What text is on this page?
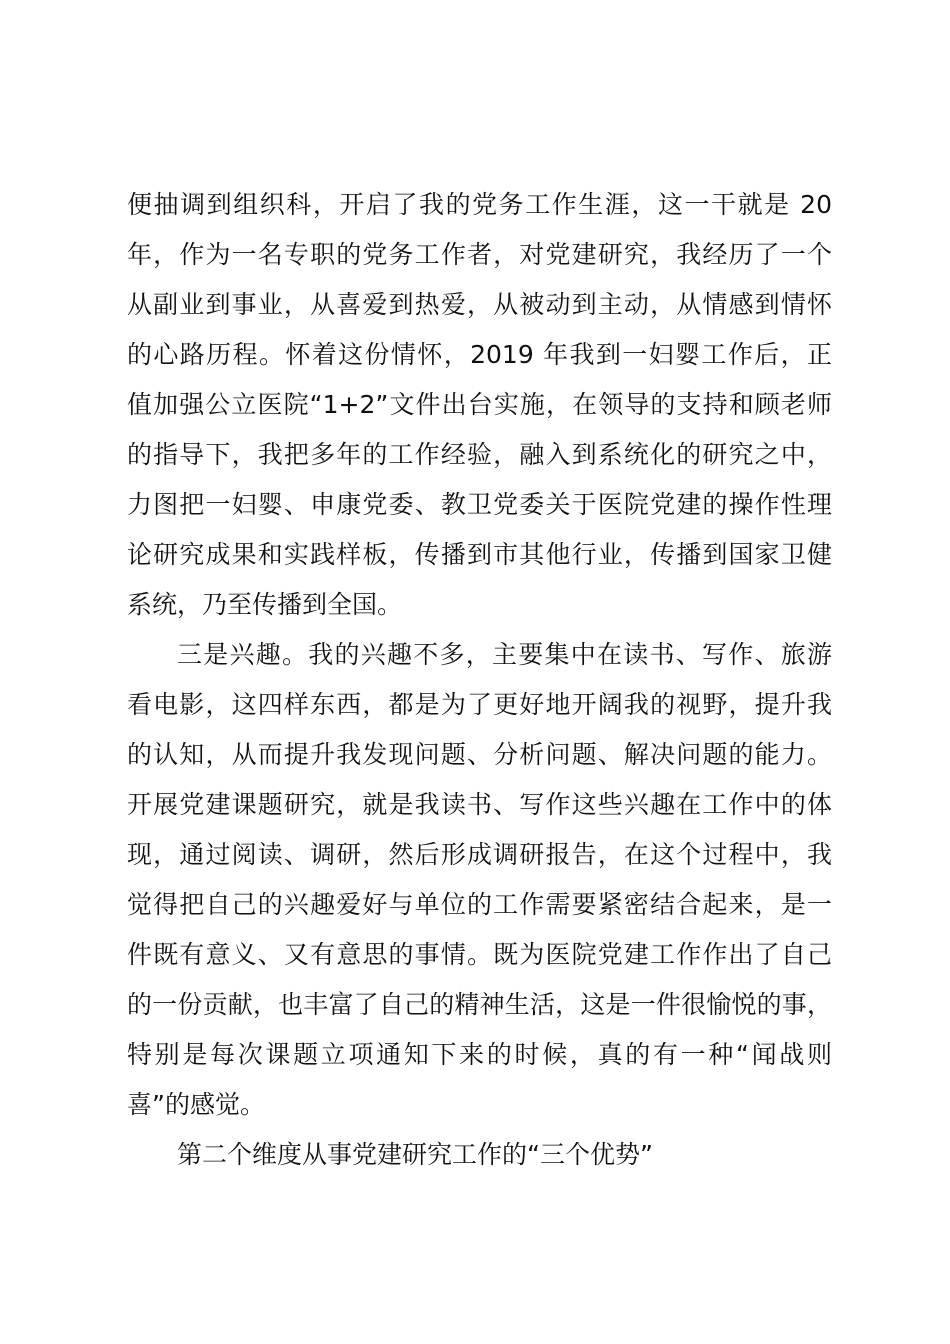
便抽调到组织科，开启了我的党务工作生涯，这一干就是 20
年，作为一名专职的党务工作者，对党建研究，我经历了一个
从副业到事业，从喜爱到热爱，从被动到主动，从情感到情怀
的心路历程。怀着这份情怀，2019 年我到一妇婴工作后，正
值加强公立医院“1+2”文件出台实施，在领导的支持和顾老师
的指导下，我把多年的工作经验，融入到系统化的研究之中，
力图把一妇婴、申康党委、教卫党委关于医院党建的操作性理
论研究成果和实践样板，传播到市其他行业，传播到国家卫健
系统，乃至传播到全国。
三是兴趣。我的兴趣不多，主要集中在读书、写作、旅游
看电影，这四样东西，都是为了更好地开阔我的视野，提升我
的认知，从而提升我发现问题、分析问题、解决问题的能力。
开展党建课题研究，就是我读书、写作这些兴趣在工作中的体
现，通过阅读、调研，然后形成调研报告，在这个过程中，我
觉得把自己的兴趣爱好与单位的工作需要紧密结合起来，是一
件既有意义、又有意思的事情。既为医院党建工作作出了自己
的一份贡献，也丰富了自己的精神生活，这是一件很愉悦的事，
特别是每次课题立项通知下来的时候，真的有一种“闻战则
喜”的感觉。
第二个维度从事党建研究工作的“三个优势”
